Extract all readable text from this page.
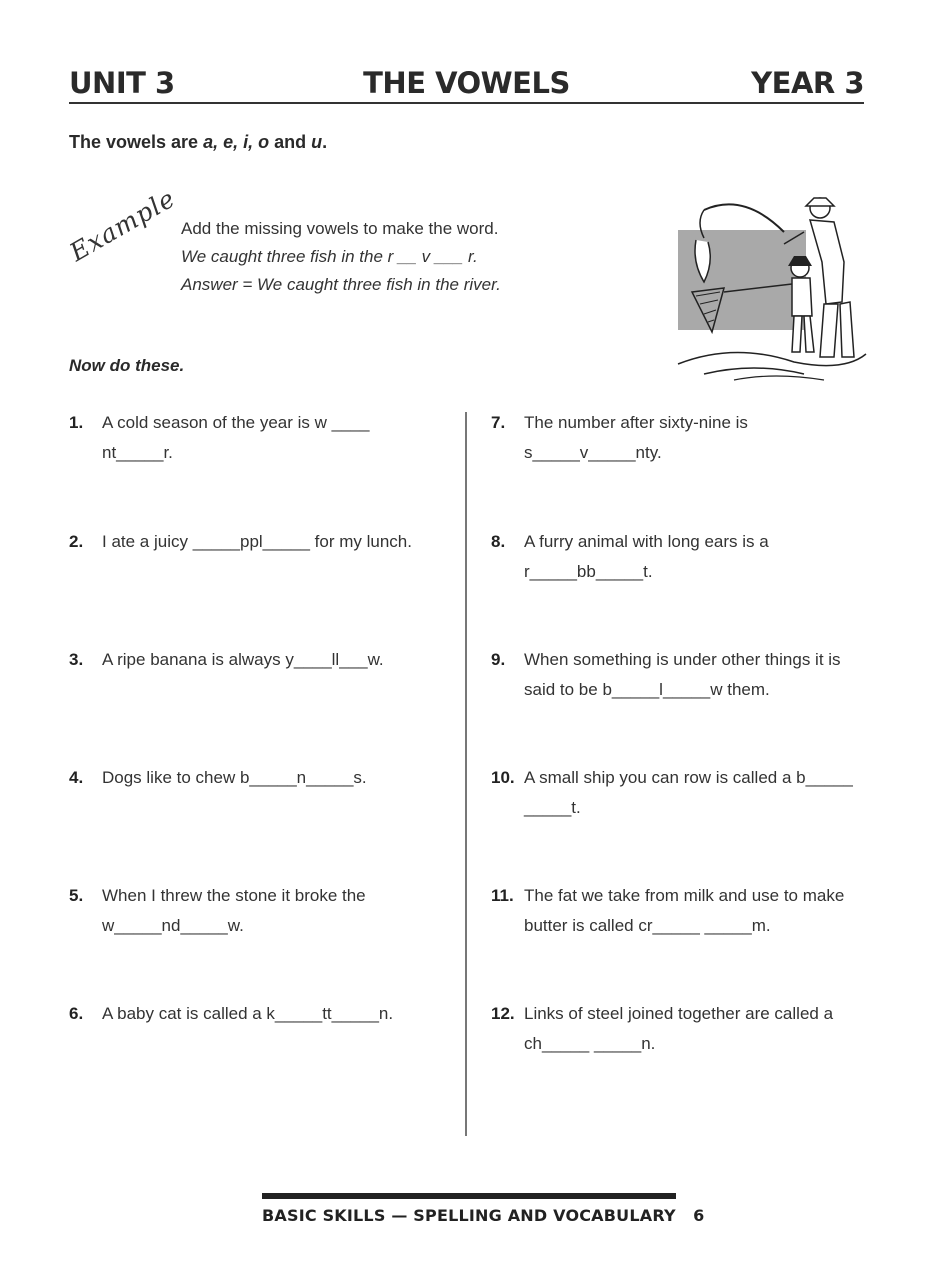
UNIT 3	THE VOWELS	YEAR 3
The vowels are a, e, i, o and u.
Example Add the missing vowels to make the word.
We caught three fish in the r __ v ___ r.
Answer = We caught three fish in the river.
Now do these.
1. A cold season of the year is w ____ nt_____r.
2. I ate a juicy _____ppl_____ for my lunch.
3. A ripe banana is always y____ll___w.
4. Dogs like to chew b_____n_____s.
5. When I threw the stone it broke the w_____nd_____w.
6. A baby cat is called a k_____tt_____n.
7. The number after sixty-nine is s_____v_____nty.
8. A furry animal with long ears is a r_____bb_____t.
9. When something is under other things it is said to be b_____l_____w them.
10. A small ship you can row is called a b_____ _____t.
11. The fat we take from milk and use to make butter is called cr_____ _____m.
12. Links of steel joined together are called a ch_____ _____n.
BASIC SKILLS — SPELLING AND VOCABULARY   6
